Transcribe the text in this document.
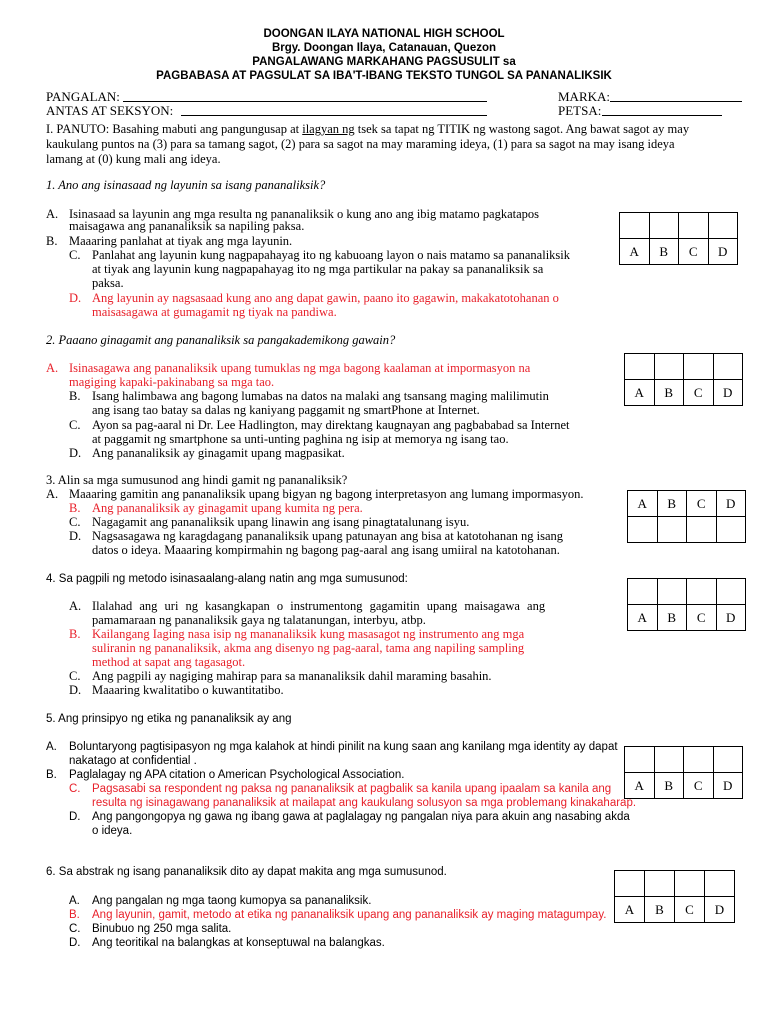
DOONGAN ILAYA NATIONAL HIGH SCHOOL
Brgy. Doongan Ilaya, Catanauan, Quezon
PANGALAWANG MARKAHANG PAGSUSULIT sa
PAGBABASA AT PAGSULAT SA IBA'T-IBANG TEKSTO TUNGOL SA PANANALIKSIK
PANGALAN:
ANTAS AT SEKSYON:
MARKA:
PETSA:
I. PANUTO: Basahing mabuti ang pangungusap at ilagyan ng tsek sa tapat ng TITIK ng wastong sagot. Ang bawat sagot ay may
kaukulang puntos na (3) para sa tamang sagot, (2) para sa sagot na may maraming ideya, (1) para sa sagot na may isang ideya
lamang at (0) kung mali ang ideya.
1. Ano ang isinasaad ng layunin sa isang pananaliksik?
A. Isinasaad sa layunin ang mga resulta ng pananaliksik o kung ano ang ibig matamo pagkatapos
maisagawa ang pananaliksik sa napiling paksa.
B. Maaaring panlahat at tiyak ang mga layunin.
C. Panlahat ang layunin kung nagpapahayag ito ng kabuoang layon o nais matamo sa pananaliksik
at tiyak ang layunin kung nagpapahayag ito ng mga partikular na pakay sa pananaliksik sa
paksa.
D. Ang layunin ay nagsasaad kung ano ang dapat gawin, paano ito gagawin, makakatotohanan o
maisasagawa at gumagamit ng tiyak na pandiwa.
A	B	C	D
2. Paaano ginagamit ang pananaliksik sa pangakademikong gawain?
A. Isinasagawa ang pananaliksik upang tumuklas ng mga bagong kaalaman at impormasyon na
magiging kapaki-pakinabang sa mga tao.
B. Isang halimbawa ang bagong lumabas na datos na malaki ang tsansang maging malilimutin
ang isang tao batay sa dalas ng kaniyang paggamit ng smartPhone at Internet.
C. Ayon sa pag-aaral ni Dr. Lee Hadlington, may direktang kaugnayan ang pagbababad sa Internet
at paggamit ng smartphone sa unti-unting paghina ng isip at memorya ng isang tao.
D. Ang pananaliksik ay ginagamit upang magpasikat.
A	B	C	D
3. Alin sa mga sumusunod ang hindi gamit ng pananaliksik?
A. Maaaring gamitin ang pananaliksik upang bigyan ng bagong interpretasyon ang lumang impormasyon.
B. Ang pananaliksik ay ginagamit upang kumita ng pera.
C. Nagagamit ang pananaliksik upang linawin ang isang pinagtatalunang isyu.
D. Nagsasagawa ng karagdagang pananaliksik upang patunayan ang bisa at katotohanan ng isang
datos o ideya. Maaaring kompirmahin ng bagong pag-aaral ang isang umiiral na katotohanan.
A	B	C	D
4. Sa pagpili ng metodo isinasaalang-alang natin ang mga sumusunod:
A. Ilalahad ang uri ng kasangkapan o instrumentong gagamitin upang maisagawa ang
pamamaraan ng pananaliksik gaya ng talatanungan, interbyu, atbp.
B. Kailangang Iaging nasa isip ng mananaliksik kung masasagot ng instrumento ang mga
suliranin ng pananaliksik, akma ang disenyo ng pag-aaral, tama ang napiling sampling
method at sapat ang tagasagot.
C. Ang pagpili ay nagiging mahirap para sa mananaliksik dahil maraming basahin.
D. Maaaring kwalitatibo o kuwantitatibo.
A	B	C	D
5. Ang prinsipyo ng etika ng pananaliksik ay ang
A. Boluntaryong pagtisipasyon ng mga kalahok at hindi pinilit na kung saan ang kanilang mga identity ay dapat
nakatago at confidential .
B. Paglalagay ng APA citation o American Psychological Association.
C. Pagsasabi sa respondent ng paksa ng pananaliksik at pagbalik sa kanila upang ipaalam sa kanila ang
resulta ng isinagawang pananaliksik at mailapat ang kaukulang solusyon sa mga problemang kinakaharap.
D. Ang pangongopya ng gawa ng ibang gawa at paglalagay ng pangalan niya para akuin ang nasabing akda
o ideya.
A	B	C	D
6. Sa abstrak ng isang pananaliksik dito ay dapat makita ang mga sumusunod.
A. Ang pangalan ng mga taong kumopya sa pananaliksik.
B. Ang layunin, gamit, metodo at etika ng pananaliksik upang ang pananaliksik ay maging matagumpay.
C. Binubuo ng 250 mga salita.
D. Ang teoritikal na balangkas at konseptuwal na balangkas.
A	B	C	D
